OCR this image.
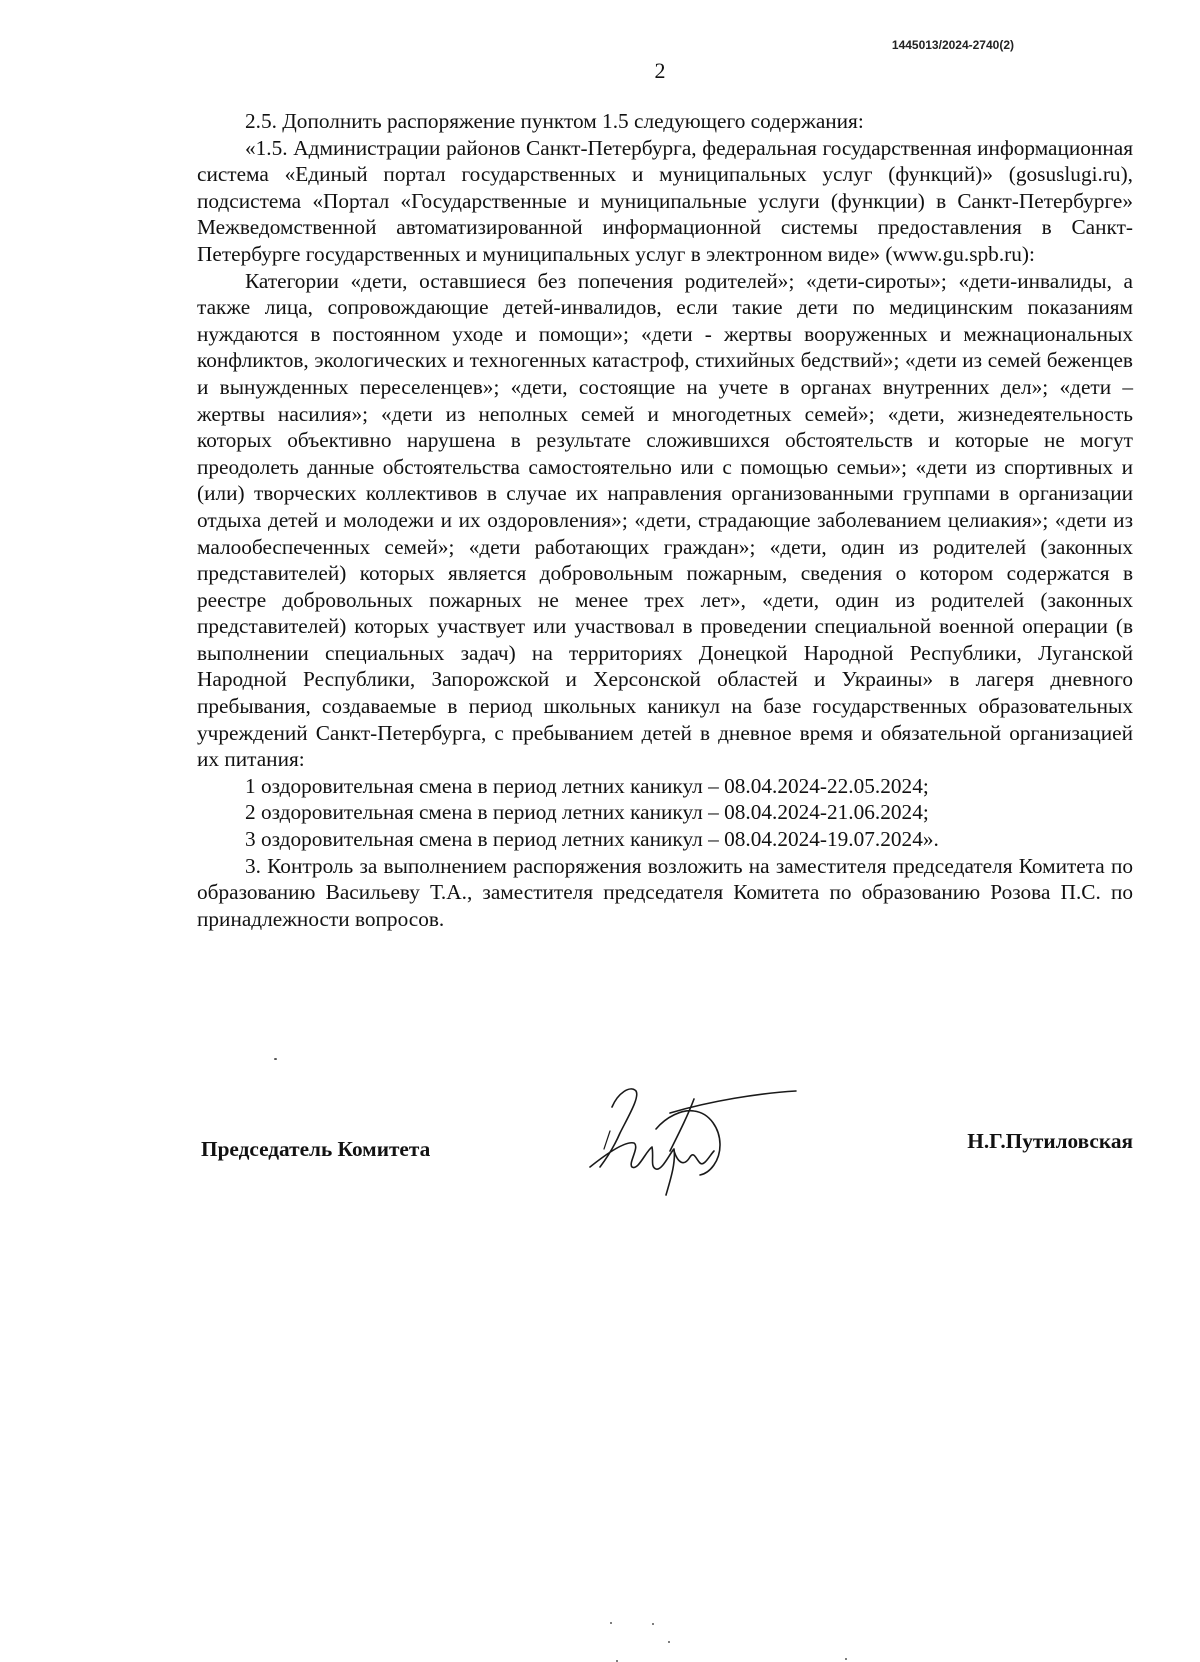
1445013/2024-2740(2)
2

2.5. Дополнить распоряжение пунктом 1.5 следующего содержания:

«1.5. Администрации районов Санкт-Петербурга, федеральная государственная информационная система «Единый портал государственных и муниципальных услуг (функций)» (gosuslugi.ru), подсистема «Портал «Государственные и муниципальные услуги (функции) в Санкт-Петербурге» Межведомственной автоматизированной информационной системы предоставления в Санкт-Петербурге государственных и муниципальных услуг в электронном виде» (www.gu.spb.ru):

Категории «дети, оставшиеся без попечения родителей»; «дети-сироты»; «дети-инвалиды, а также лица, сопровождающие детей-инвалидов, если такие дети по медицинским показаниям нуждаются в постоянном уходе и помощи»; «дети - жертвы вооруженных и межнациональных конфликтов, экологических и техногенных катастроф, стихийных бедствий»; «дети из семей беженцев и вынужденных переселенцев»; «дети, состоящие на учете в органах внутренних дел»; «дети – жертвы насилия»; «дети из неполных семей и многодетных семей»; «дети, жизнедеятельность которых объективно нарушена в результате сложившихся обстоятельств и которые не могут преодолеть данные обстоятельства самостоятельно или с помощью семьи»; «дети из спортивных и (или) творческих коллективов в случае их направления организованными группами в организации отдыха детей и молодежи и их оздоровления»; «дети, страдающие заболеванием целиакия»; «дети из малообеспеченных семей»; «дети работающих граждан»; «дети, один из родителей (законных представителей) которых является добровольным пожарным, сведения о котором содержатся в реестре добровольных пожарных не менее трех лет», «дети, один из родителей (законных представителей) которых участвует или участвовал в проведении специальной военной операции (в выполнении специальных задач) на территориях Донецкой Народной Республики, Луганской Народной Республики, Запорожской и Херсонской областей и Украины» в лагеря дневного пребывания, создаваемые в период школьных каникул на базе государственных образовательных учреждений Санкт-Петербурга, с пребыванием детей в дневное время и обязательной организацией их питания:

1 оздоровительная смена в период летних каникул – 08.04.2024-22.05.2024;

2 оздоровительная смена в период летних каникул – 08.04.2024-21.06.2024;

3 оздоровительная смена в период летних каникул – 08.04.2024-19.07.2024».

3. Контроль за выполнением распоряжения возложить на заместителя председателя Комитета по образованию Васильеву Т.А., заместителя председателя Комитета по образованию Розова П.С. по принадлежности вопросов.

Председатель Комитета	Н.Г.Путиловская
